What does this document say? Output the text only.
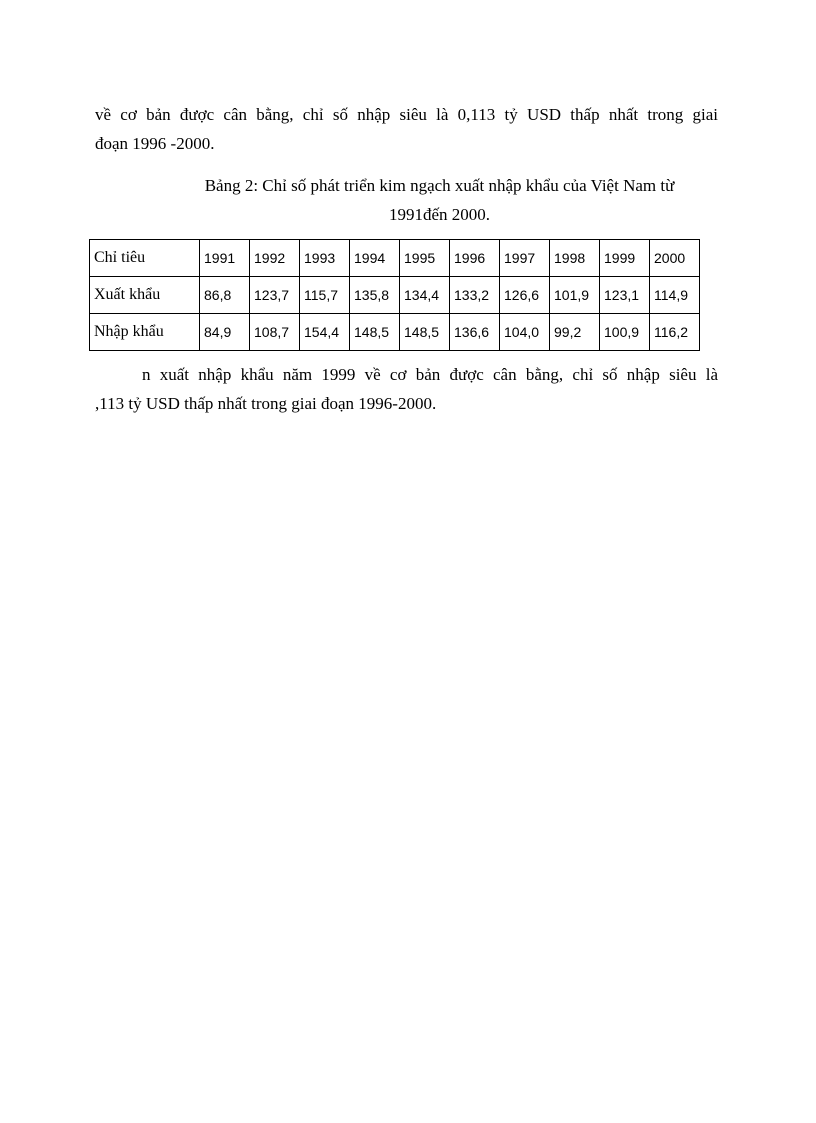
về cơ bản được cân bằng, chỉ số nhập siêu là 0,113 tỷ USD thấp nhất trong giai
đoạn 1996 -2000.

Bảng 2: Chỉ số phát triển kim ngạch xuất nhập khẩu của Việt Nam từ
1991đến 2000.

Chỉ tiêu	1991	1992	1993	1994	1995	1996	1997	1998	1999	2000
Xuất khẩu	86,8	123,7	115,7	135,8	134,4	133,2	126,6	101,9	123,1	114,9
Nhập khẩu	84,9	108,7	154,4	148,5	148,5	136,6	104,0	99,2	100,9	116,2

n xuất nhập khẩu năm 1999 về cơ bản được cân bằng, chỉ số nhập siêu là
,113 tỷ USD thấp nhất trong giai đoạn 1996-2000.
